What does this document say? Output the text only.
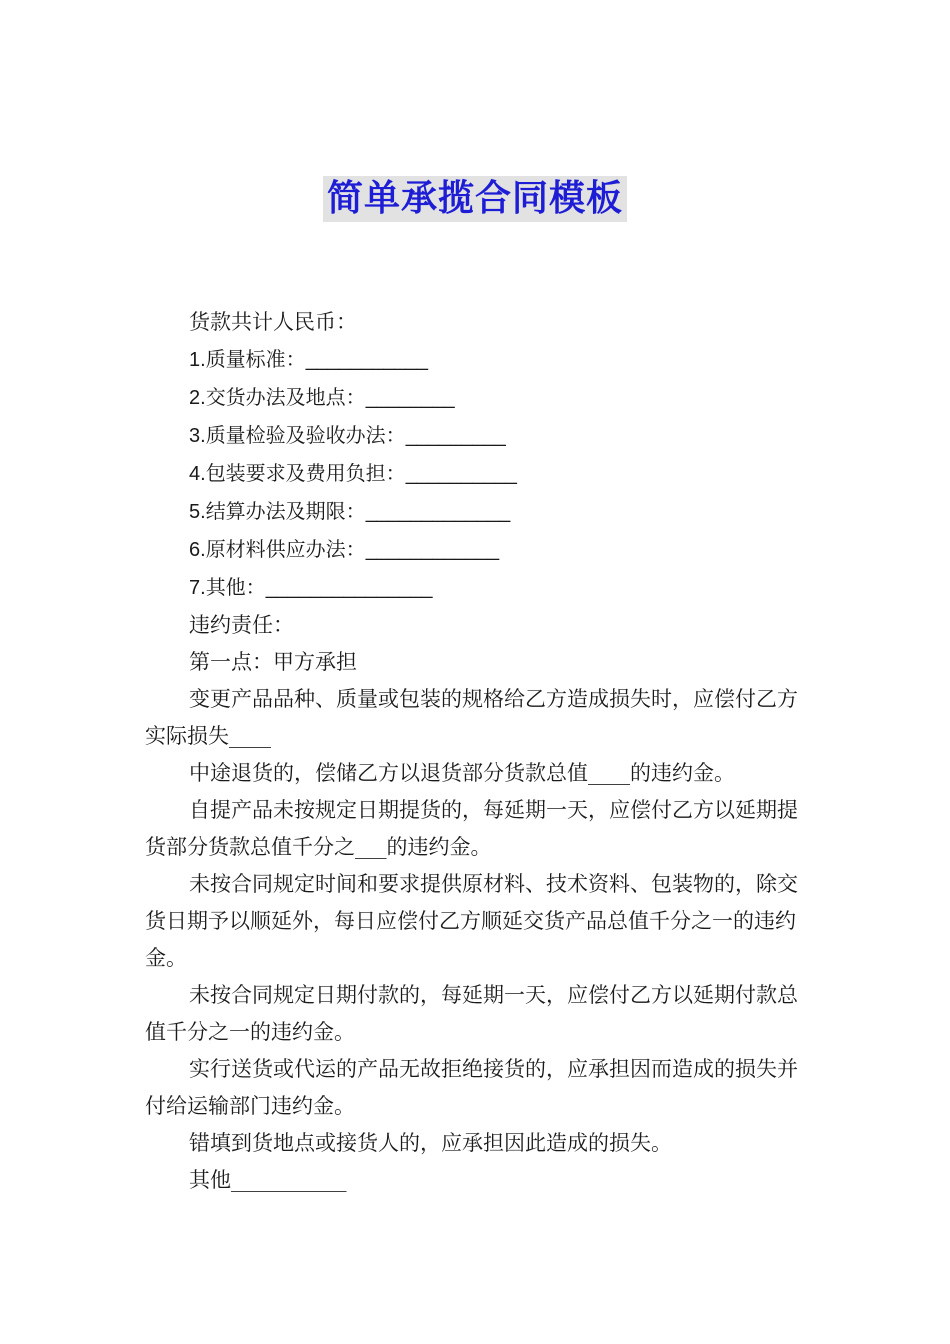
简单承揽合同模板

货款共计人民币：

1.质量标准：___________

2.交货办法及地点：________

3.质量检验及验收办法：_________

4.包装要求及费用负担：__________

5.结算办法及期限：_____________

6.原材料供应办法：____________

7.其他：_______________

违约责任：

第一点：甲方承担

变更产品品种、质量或包装的规格给乙方造成损失时，应偿付乙方实际损失____

中途退货的，偿储乙方以退货部分货款总值____的违约金。

自提产品未按规定日期提货的，每延期一天，应偿付乙方以延期提货部分货款总值千分之___的违约金。

未按合同规定时间和要求提供原材料、技术资料、包装物的，除交货日期予以顺延外，每日应偿付乙方顺延交货产品总值千分之一的违约金。

未按合同规定日期付款的，每延期一天，应偿付乙方以延期付款总值千分之一的违约金。

实行送货或代运的产品无故拒绝接货的，应承担因而造成的损失并付给运输部门违约金。

错填到货地点或接货人的，应承担因此造成的损失。

其他___________
